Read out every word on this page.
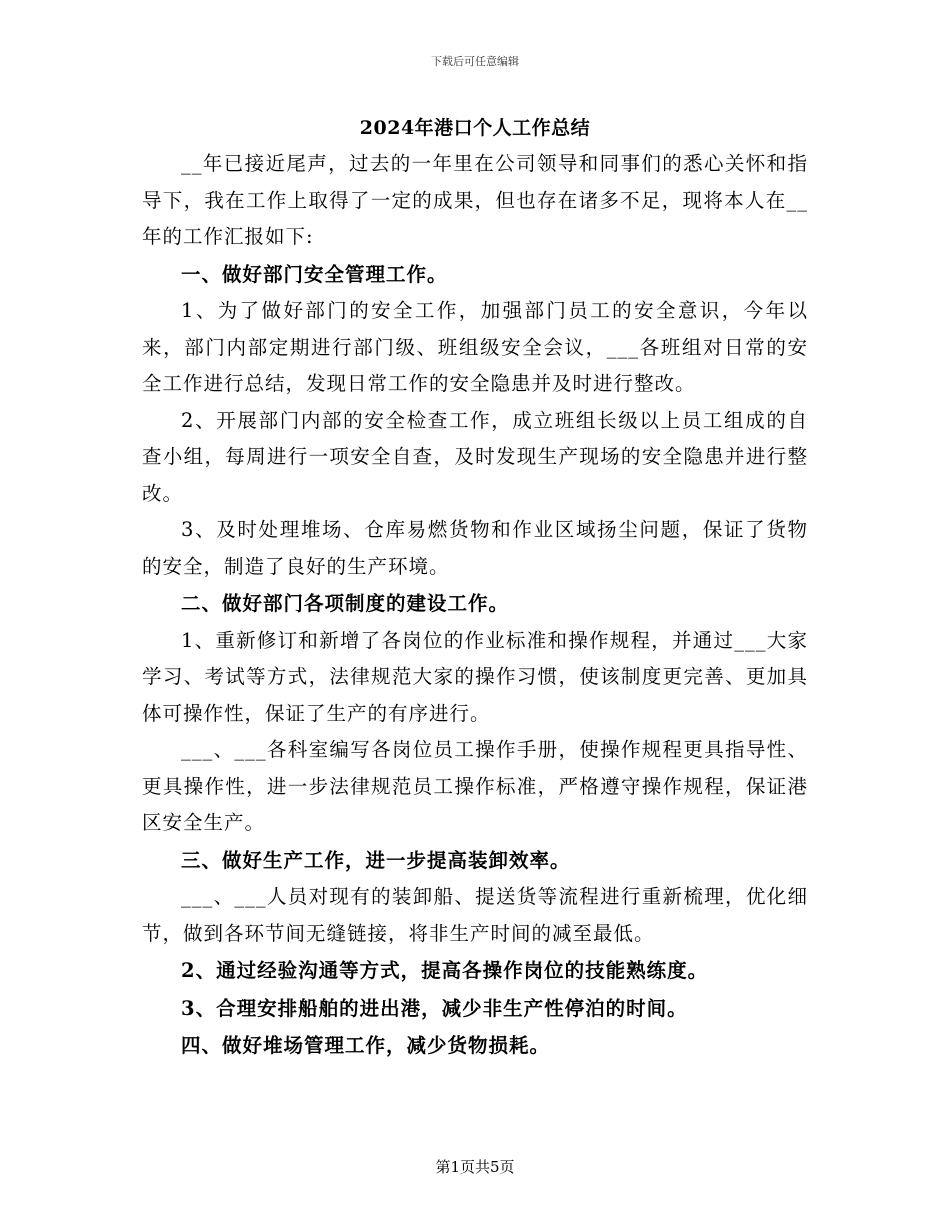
下载后可任意编辑
2024年港口个人工作总结

__年已接近尾声，过去的一年里在公司领导和同事们的悉心关怀和指导下，我在工作上取得了一定的成果，但也存在诸多不足，现将本人在__年的工作汇报如下:

一、做好部门安全管理工作。

1、为了做好部门的安全工作，加强部门员工的安全意识，今年以来，部门内部定期进行部门级、班组级安全会议，___各班组对日常的安全工作进行总结，发现日常工作的安全隐患并及时进行整改。

2、开展部门内部的安全检查工作，成立班组长级以上员工组成的自查小组，每周进行一项安全自查，及时发现生产现场的安全隐患并进行整改。

3、及时处理堆场、仓库易燃货物和作业区域扬尘问题，保证了货物的安全，制造了良好的生产环境。

二、做好部门各项制度的建设工作。

1、重新修订和新增了各岗位的作业标准和操作规程，并通过___大家学习、考试等方式，法律规范大家的操作习惯，使该制度更完善、更加具体可操作性，保证了生产的有序进行。

___、___各科室编写各岗位员工操作手册，使操作规程更具指导性、更具操作性，进一步法律规范员工操作标准，严格遵守操作规程，保证港区安全生产。

三、做好生产工作，进一步提高装卸效率。

___、___人员对现有的装卸船、提送货等流程进行重新梳理，优化细节，做到各环节间无缝链接，将非生产时间的减至最低。

2、通过经验沟通等方式，提高各操作岗位的技能熟练度。

3、合理安排船舶的进出港，减少非生产性停泊的时间。

四、做好堆场管理工作，减少货物损耗。

第1页共5页
